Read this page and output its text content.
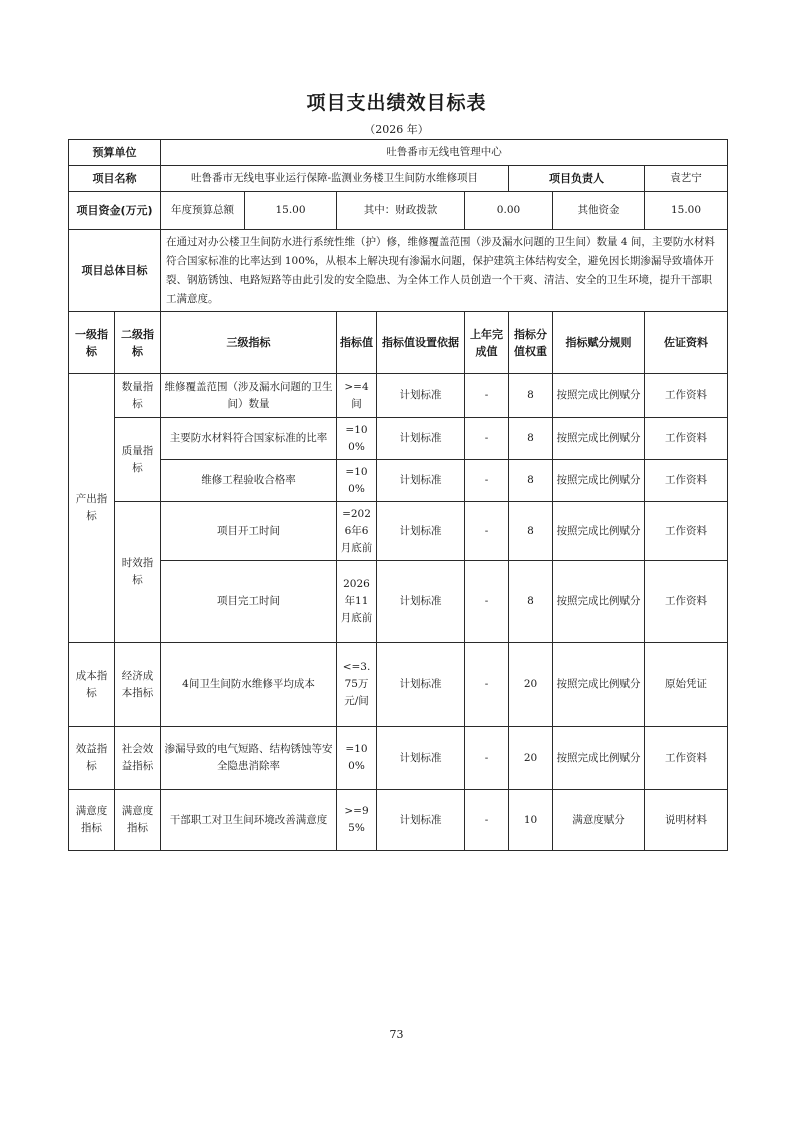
项目支出绩效目标表
（2026 年）
预算单位		吐鲁番市无线电管理中心							
项目名称		吐鲁番市无线电事业运行保障-监测业务楼卫生间防水维修项目					项目负责人		袁艺宁
项目资金(万元)		年度预算总额	15.00	其中：财政拨款		0.00		其他资金	15.00
项目总体目标		在通过对办公楼卫生间防水进行系统性维（护）修，维修覆盖范围（涉及漏水问题的卫生间）数量 4 间，主要防水材料符合国家标准的比率达到 100%，从根本上解决现有渗漏水问题，保护建筑主体结构安全，避免因长期渗漏导致墙体开裂、钢筋锈蚀、电路短路等由此引发的安全隐患、为全体工作人员创造一个干爽、清洁、安全的卫生环境，提升干部职工满意度。							
一级指标	二级指标	三级指标		指标值	指标值设置依据	上年完成值	指标分值权重	指标赋分规则	佐证资料
产出指标	数量指标	维修覆盖范围（涉及漏水问题的卫生间）数量		>=4间	计划标准	-	8	按照完成比例赋分	工作资料
	质量指标	主要防水材料符合国家标准的比率		=100%	计划标准	-	8	按照完成比例赋分	工作资料
		维修工程验收合格率		=100%	计划标准	-	8	按照完成比例赋分	工作资料
	时效指标	项目开工时间		=2026年6月底前	计划标准	-	8	按照完成比例赋分	工作资料
		项目完工时间		2026年11月底前	计划标准	-	8	按照完成比例赋分	工作资料
成本指标	经济成本指标	4间卫生间防水维修平均成本		<=3.75万元/间	计划标准	-	20	按照完成比例赋分	原始凭证
效益指标	社会效益指标	渗漏导致的电气短路、结构锈蚀等安全隐患消除率		=100%	计划标准	-	20	按照完成比例赋分	工作资料
满意度指标	满意度指标	干部职工对卫生间环境改善满意度		>=95%	计划标准	-	10	满意度赋分	说明材料
73
